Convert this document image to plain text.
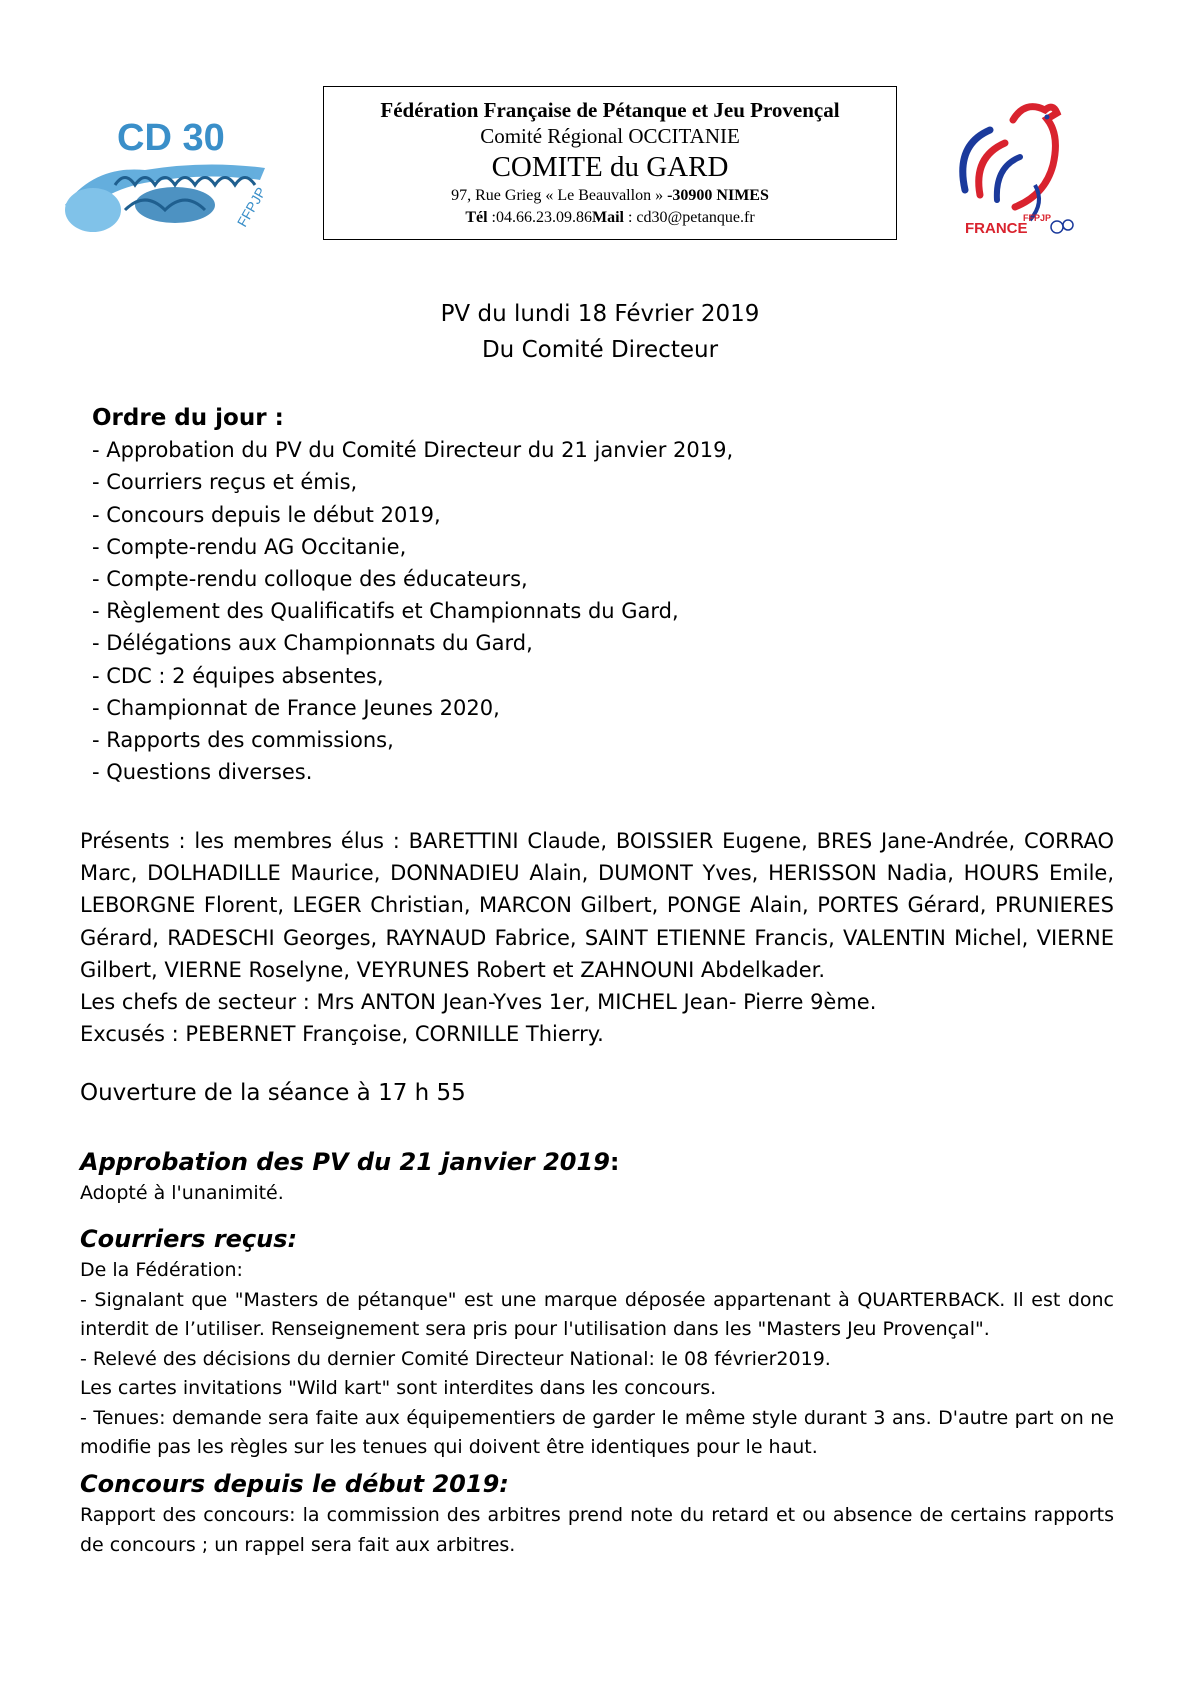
CD 30
FFPJP	FFPJP
FRANCE
Fédération Française de Pétanque et Jeu Provençal
Comité Régional OCCITANIE
COMITE du GARD
97, Rue Grieg « Le Beauvallon » -30900 NIMES
Tél :04.66.23.09.86Mail : cd30@petanque.fr
PV du lundi 18 Février 2019
Du Comité Directeur
Ordre du jour :
- Approbation du PV du Comité Directeur du 21 janvier 2019,
- Courriers reçus et émis,
- Concours depuis le début 2019,
- Compte-rendu AG Occitanie,
- Compte-rendu colloque des éducateurs,
- Règlement des Qualificatifs et Championnats du Gard,
- Délégations aux Championnats du Gard,
- CDC : 2 équipes absentes,
- Championnat de France Jeunes 2020,
- Rapports des commissions,
- Questions diverses.
Présents : les membres élus : BARETTINI Claude, BOISSIER Eugene, BRES Jane-Andrée, CORRAO Marc, DOLHADILLE Maurice, DONNADIEU Alain, DUMONT Yves, HERISSON Nadia, HOURS Emile, LEBORGNE Florent, LEGER Christian, MARCON Gilbert, PONGE Alain, PORTES Gérard, PRUNIERES Gérard, RADESCHI Georges, RAYNAUD Fabrice, SAINT ETIENNE Francis, VALENTIN Michel, VIERNE Gilbert, VIERNE Roselyne, VEYRUNES Robert et ZAHNOUNI Abdelkader.
Les chefs de secteur : Mrs ANTON Jean-Yves 1er, MICHEL Jean- Pierre 9ème.
Excusés : PEBERNET Françoise, CORNILLE Thierry.
Ouverture de la séance à 17 h 55
Approbation des PV du 21 janvier 2019:
Adopté à l'unanimité.
Courriers reçus:
De la Fédération:
- Signalant que "Masters de pétanque" est une marque déposée appartenant à QUARTERBACK. Il est donc interdit de l’utiliser. Renseignement sera pris pour l'utilisation dans les "Masters Jeu Provençal".
- Relevé des décisions du dernier Comité Directeur National: le 08 février2019.
Les cartes invitations "Wild kart" sont interdites dans les concours.
- Tenues: demande sera faite aux équipementiers de garder le même style durant 3 ans. D'autre part on ne modifie pas les règles sur les tenues qui doivent être identiques pour le haut.
Concours depuis le début 2019:
Rapport des concours: la commission des arbitres prend note du retard et ou absence de certains rapports de concours ; un rappel sera fait aux arbitres.
